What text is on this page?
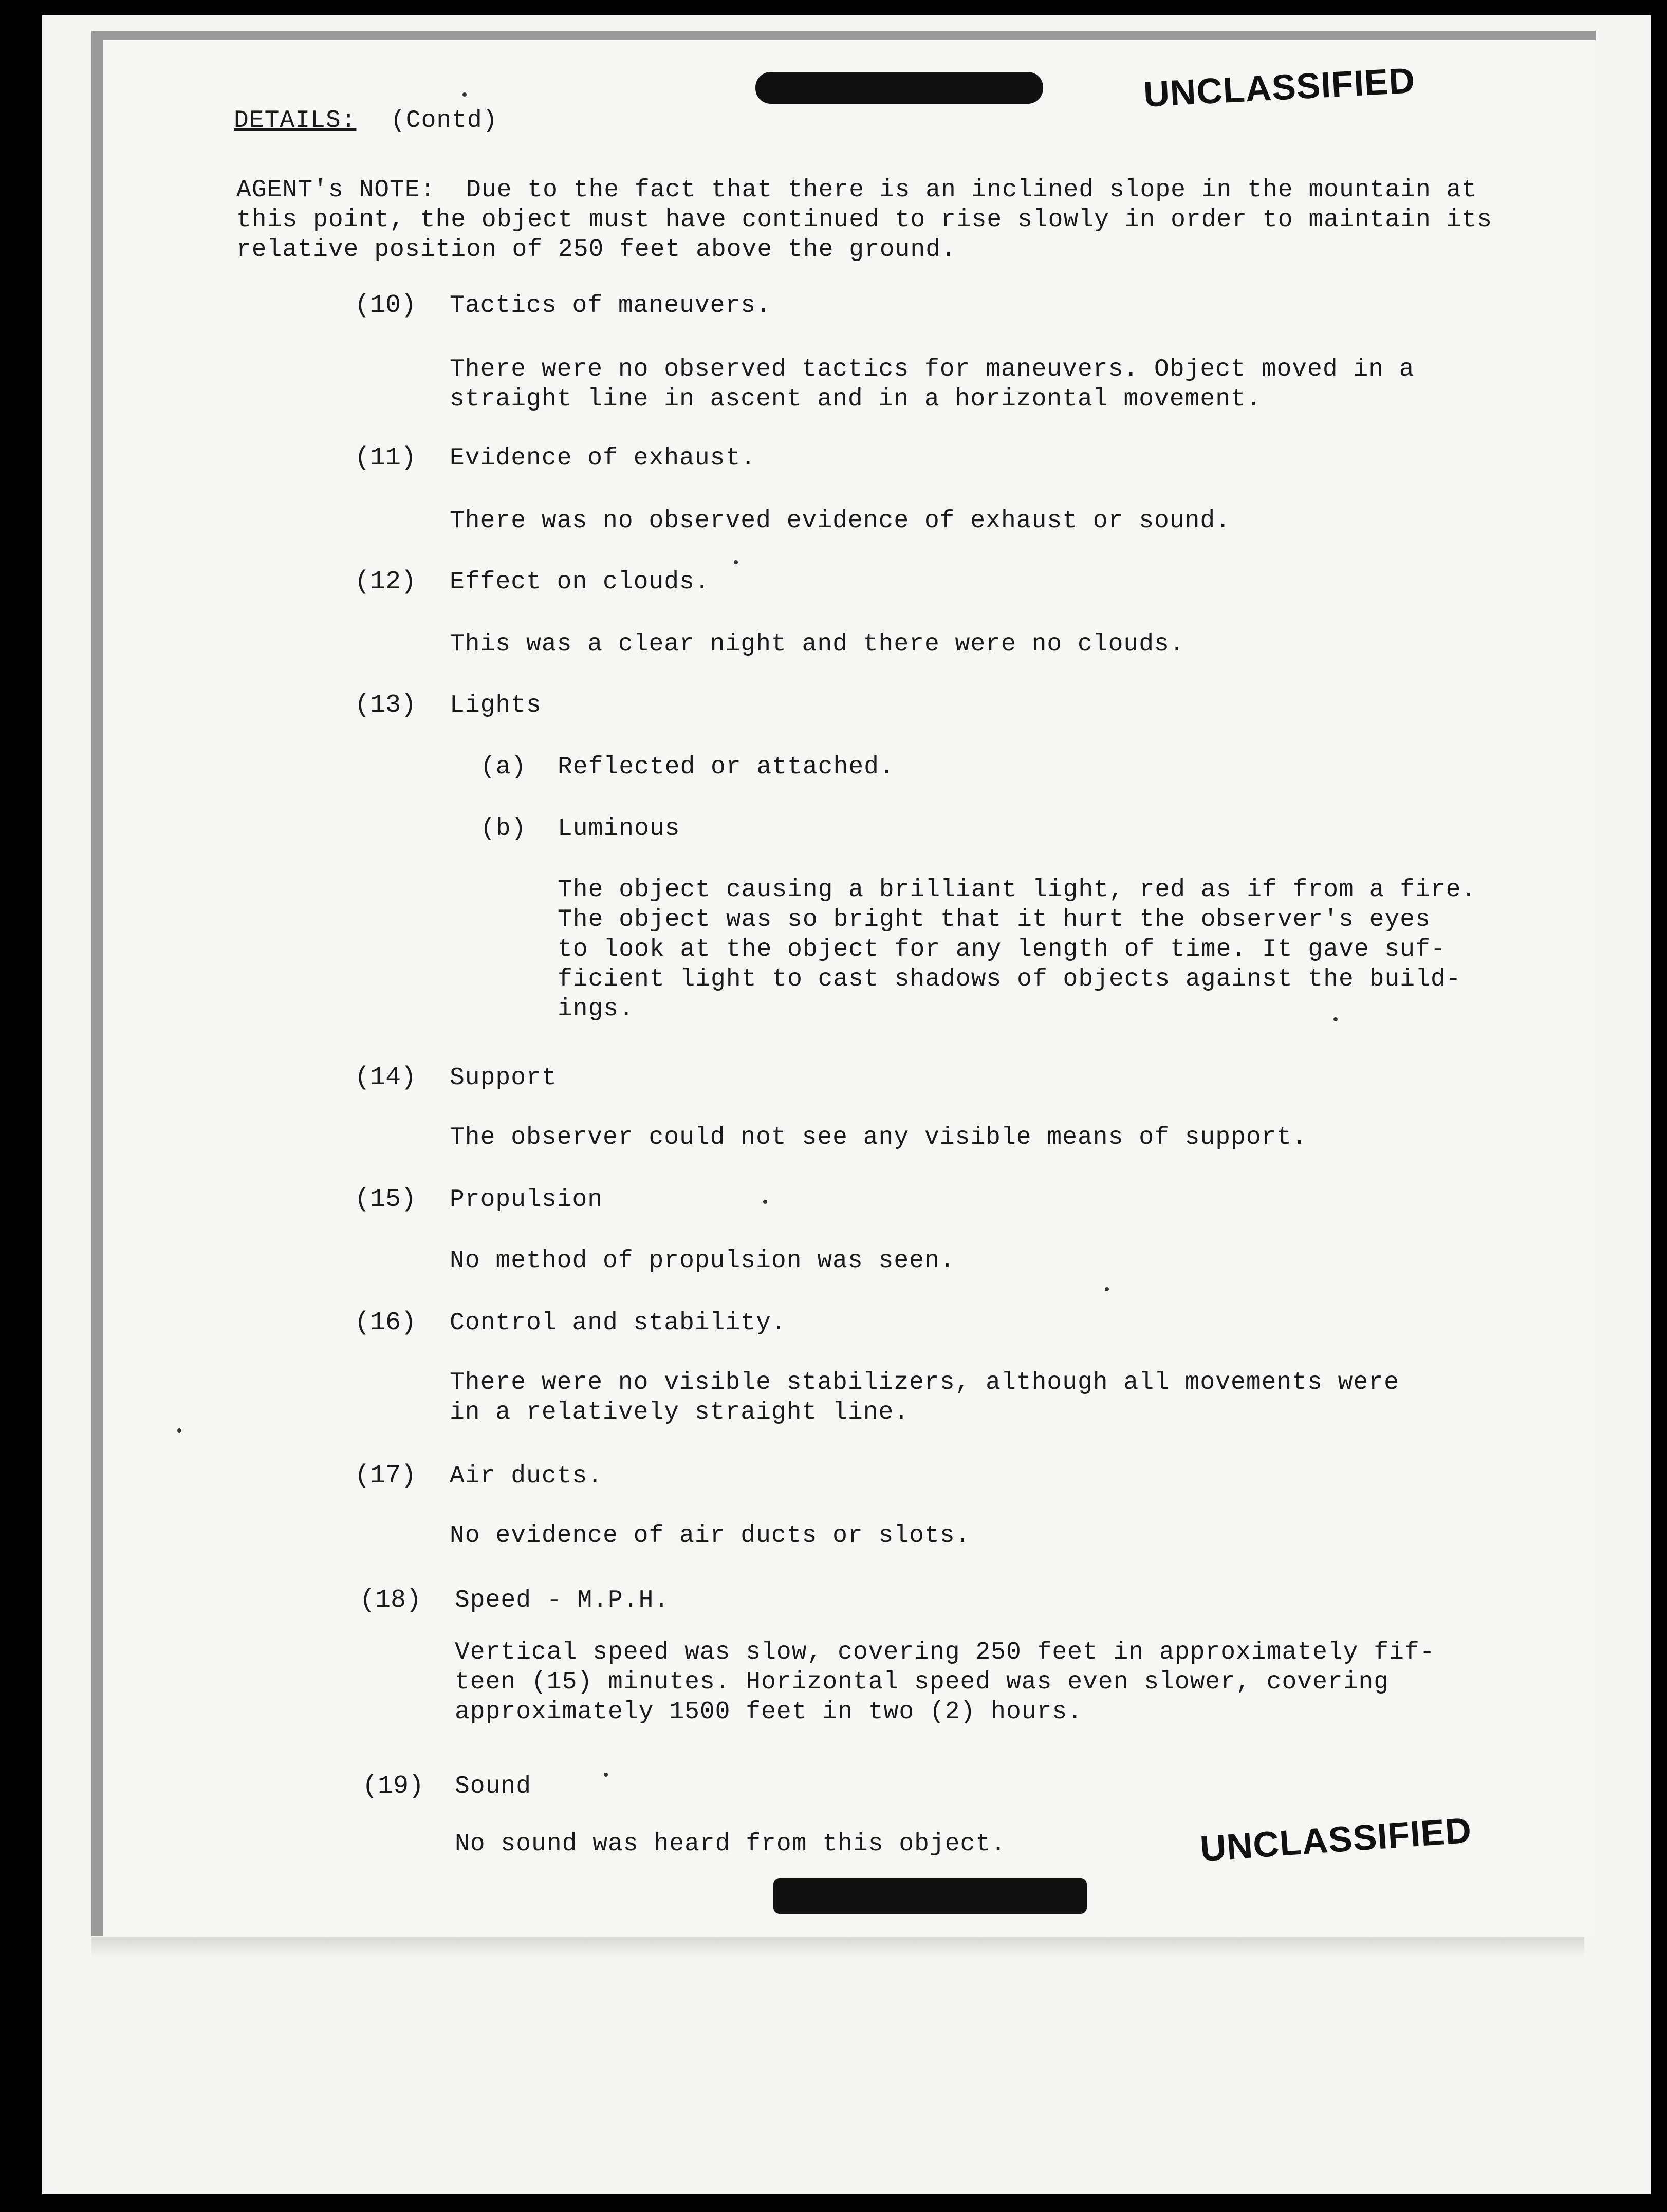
DETAILS: (Contd)
UNCLASSIFIED
AGENT's NOTE:  Due to the fact that there is an inclined slope in the mountain at
this point, the object must have continued to rise slowly in order to maintain its
relative position of 250 feet above the ground.
(10) Tactics of maneuvers.
There were no observed tactics for maneuvers. Object moved in a
straight line in ascent and in a horizontal movement.
(11) Evidence of exhaust.
There was no observed evidence of exhaust or sound.
(12) Effect on clouds.
This was a clear night and there were no clouds.
(13) Lights
(a) Reflected or attached.
(b) Luminous
The object causing a brilliant light, red as if from a fire.
The object was so bright that it hurt the observer's eyes
to look at the object for any length of time. It gave suf-
ficient light to cast shadows of objects against the build-
ings.
(14) Support
The observer could not see any visible means of support.
(15) Propulsion
No method of propulsion was seen.
(16) Control and stability.
There were no visible stabilizers, although all movements were
in a relatively straight line.
(17) Air ducts.
No evidence of air ducts or slots.
(18) Speed - M.P.H.
Vertical speed was slow, covering 250 feet in approximately fif-
teen (15) minutes. Horizontal speed was even slower, covering
approximately 1500 feet in two (2) hours.
(19) Sound
No sound was heard from this object.	UNCLASSIFIED
